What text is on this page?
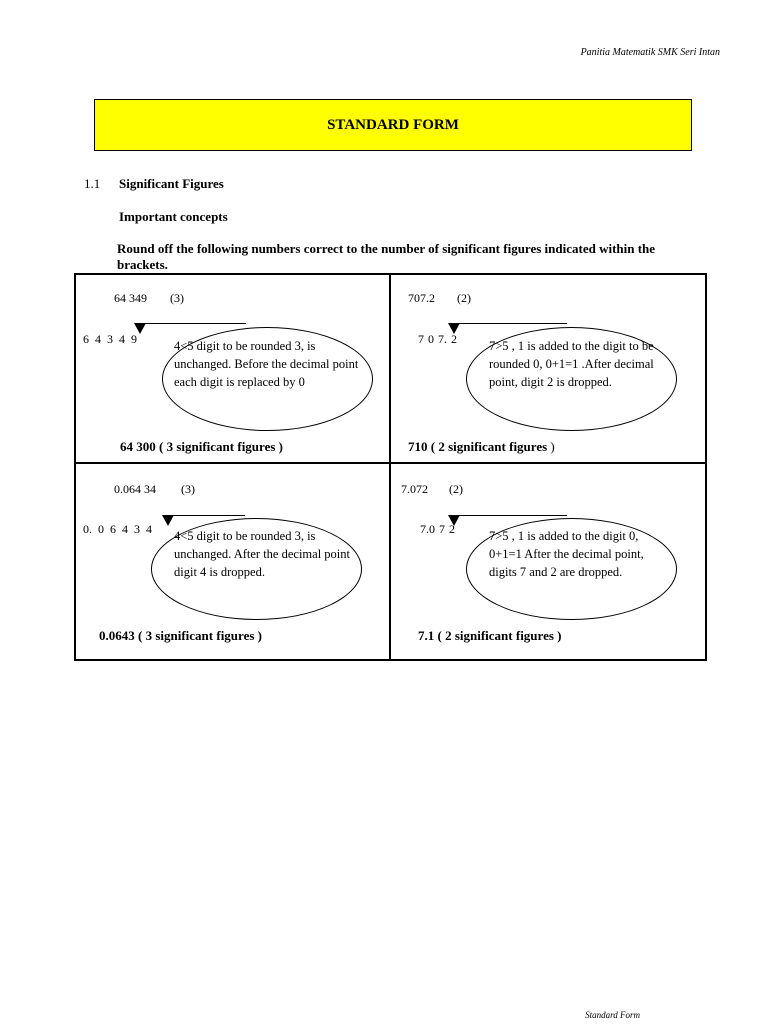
Panitia Matematik SMK Seri Intan
STANDARD FORM
1.1 Significant Figures
Important concepts
Round off the following numbers correct to the number of significant figures indicated within the brackets.
64 349 (3)
6 4 3 4 9	4<5 digit to be rounded 3, is unchanged. Before the decimal point each digit is replaced by 0
64 300 ( 3 significant figures )
707.2 (2)
7 0 7. 2	7>5 , 1 is added to the digit to be rounded 0, 0+1=1 .After decimal point, digit 2 is dropped.
710 ( 2 significant figures )
0.064 34 (3)
0. 0 6 4 3 4 4<5 digit to be rounded 3, is unchanged. After the decimal point digit 4 is dropped.
0.0643 ( 3 significant figures )
7.072 (2)
7.0 7 2	7>5 , 1 is added to the digit 0, 0+1=1 After the decimal point, digits 7 and 2 are dropped.
7.1 ( 2 significant figures )
Standard Form
